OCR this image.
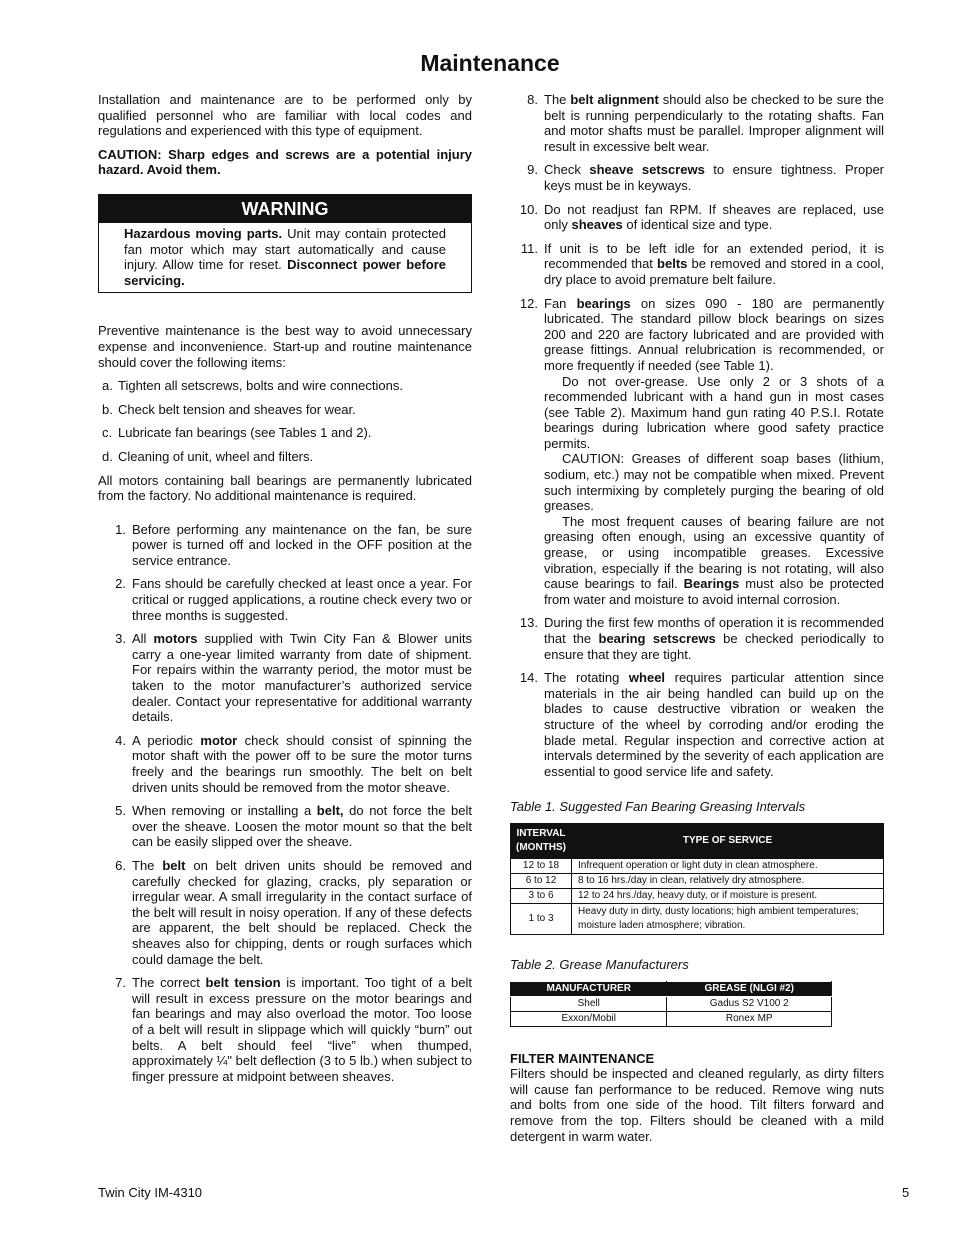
Maintenance

Installation and maintenance are to be performed only by qualified personnel who are familiar with local codes and regulations and experienced with this type of equipment.

CAUTION: Sharp edges and screws are a potential injury hazard. Avoid them.

WARNING
Hazardous moving parts. Unit may contain protected fan motor which may start automatically and cause injury. Allow time for reset. Disconnect power before servicing.

Preventive maintenance is the best way to avoid unnecessary expense and inconvenience. Start-up and routine maintenance should cover the following items:

a. Tighten all setscrews, bolts and wire connections.
b. Check belt tension and sheaves for wear.
c. Lubricate fan bearings (see Tables 1 and 2).
d. Cleaning of unit, wheel and filters.

All motors containing ball bearings are permanently lubricated from the factory. No additional maintenance is required.

1. Before performing any maintenance on the fan, be sure power is turned off and locked in the OFF position at the service entrance.
2. Fans should be carefully checked at least once a year. For critical or rugged applications, a routine check every two or three months is suggested.
3. All motors supplied with Twin City Fan & Blower units carry a one-year limited warranty from date of shipment. For repairs within the warranty period, the motor must be taken to the motor manufacturer’s authorized service dealer. Contact your representative for additional warranty details.
4. A periodic motor check should consist of spinning the motor shaft with the power off to be sure the motor turns freely and the bearings run smoothly. The belt on belt driven units should be removed from the motor sheave.
5. When removing or installing a belt, do not force the belt over the sheave. Loosen the motor mount so that the belt can be easily slipped over the sheave.
6. The belt on belt driven units should be removed and carefully checked for glazing, cracks, ply separation or irregular wear. A small irregularity in the contact surface of the belt will result in noisy operation. If any of these defects are apparent, the belt should be replaced. Check the sheaves also for chipping, dents or rough surfaces which could damage the belt.
7. The correct belt tension is important. Too tight of a belt will result in excess pressure on the motor bearings and fan bearings and may also overload the motor. Too loose of a belt will result in slippage which will quickly “burn” out belts. A belt should feel “live” when thumped, approximately ¼" belt deflection (3 to 5 lb.) when subject to finger pressure at midpoint between sheaves.
8. The belt alignment should also be checked to be sure the belt is running perpendicularly to the rotating shafts. Fan and motor shafts must be parallel. Improper alignment will result in excessive belt wear.
9. Check sheave setscrews to ensure tightness. Proper keys must be in keyways.
10. Do not readjust fan RPM. If sheaves are replaced, use only sheaves of identical size and type.
11. If unit is to be left idle for an extended period, it is recommended that belts be removed and stored in a cool, dry place to avoid premature belt failure.
12. Fan bearings on sizes 090 - 180 are permanently lubricated. The standard pillow block bearings on sizes 200 and 220 are factory lubricated and are provided with grease fittings. Annual relubrication is recommended, or more frequently if needed (see Table 1).

Do not over-grease. Use only 2 or 3 shots of a recommended lubricant with a hand gun in most cases (see Table 2). Maximum hand gun rating 40 P.S.I. Rotate bearings during lubrication where good safety practice permits.

CAUTION: Greases of different soap bases (lithium, sodium, etc.) may not be compatible when mixed. Prevent such intermixing by completely purging the bearing of old greases.

The most frequent causes of bearing failure are not greasing often enough, using an excessive quantity of grease, or using incompatible greases. Excessive vibration, especially if the bearing is not rotating, will also cause bearings to fail. Bearings must also be protected from water and moisture to avoid internal corrosion.

13. During the first few months of operation it is recommended that the bearing setscrews be checked periodically to ensure that they are tight.
14. The rotating wheel requires particular attention since materials in the air being handled can build up on the blades to cause destructive vibration or weaken the structure of the wheel by corroding and/or eroding the blade metal. Regular inspection and corrective action at intervals determined by the severity of each application are essential to good service life and safety.

Table 1. Suggested Fan Bearing Greasing Intervals

INTERVAL
(MONTHS)	TYPE OF SERVICE
12 to 18	Infrequent operation or light duty in clean atmosphere.
6 to 12	8 to 16 hrs./day in clean, relatively dry atmosphere.
3 to 6	12 to 24 hrs./day, heavy duty, or if moisture is present.
1 to 3	Heavy duty in dirty, dusty locations; high ambient temperatures; moisture laden atmosphere; vibration.

Table 2. Grease Manufacturers

MANUFACTURER	GREASE (NLGI #2)
Shell	Gadus S2 V100 2
Exxon/Mobil	Ronex MP

FILTER MAINTENANCE

Filters should be inspected and cleaned regularly, as dirty filters will cause fan performance to be reduced. Remove wing nuts and bolts from one side of the hood. Tilt filters forward and remove from the top. Filters should be cleaned with a mild detergent in warm water.

Twin City IM-4310	5
